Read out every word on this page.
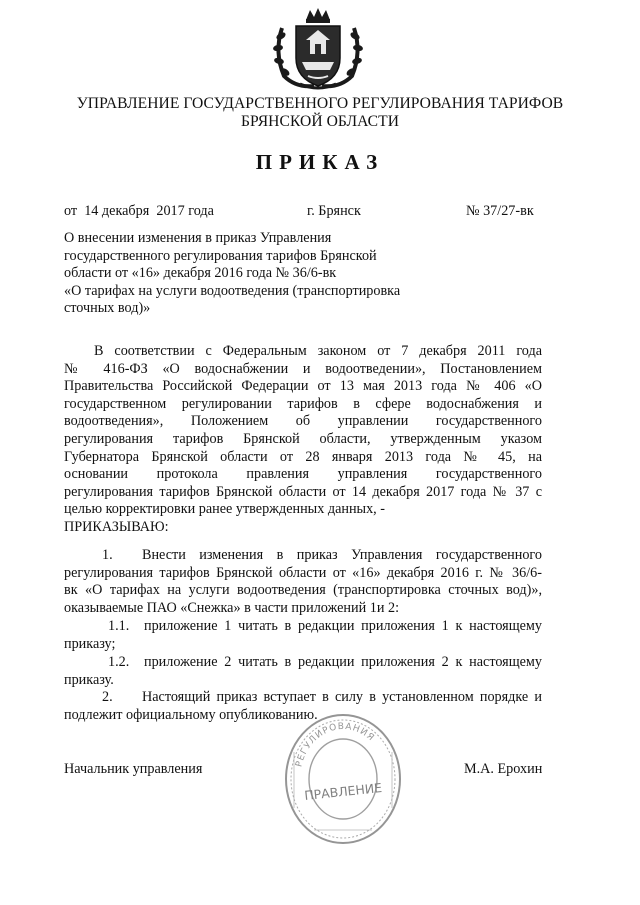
УПРАВЛЕНИЕ ГОСУДАРСТВЕННОГО РЕГУЛИРОВАНИЯ ТАРИФОВ
БРЯНСКОЙ ОБЛАСТИ
ПРИКАЗ
от  14 декабря  2017 года	г. Брянск	№ 37/27-вк
О внесении изменения в приказ Управления
государственного регулирования тарифов Брянской
области от «16» декабря 2016 года № 36/6-вк
«О тарифах на услуги водоотведения (транспортировка
сточных вод)»
В соответствии с Федеральным законом от 7 декабря 2011 года
№ 416-ФЗ «О водоснабжении и водоотведении», Постановлением
Правительства Российской Федерации от 13 мая 2013 года № 406 «О
государственном регулировании тарифов в сфере водоснабжения и
водоотведения», Положением об управлении государственного
регулирования тарифов Брянской области, утвержденным указом
Губернатора Брянской области от 28 января 2013 года № 45, на
основании протокола правления управления государственного
регулирования тарифов Брянской области от 14 декабря 2017 года № 37 с
целью корректировки ранее утвержденных данных, -
ПРИКАЗЫВАЮ:
1. Внести изменения в приказ Управления государственного
регулирования тарифов Брянской области от «16» декабря 2016 г. № 36/6-
вк «О тарифах на услуги водоотведения (транспортировка сточных вод)»,
оказываемые ПАО «Снежка» в части приложений 1и 2:
1.1. приложение 1 читать в редакции приложения 1 к настоящему
приказу;
1.2. приложение 2 читать в редакции приложения 2 к настоящему
приказу.
2. Настоящий приказ вступает в силу в установленном порядке и
подлежит официальному опубликованию.
Начальник управления	М.А. Ерохин
РЕГУЛИРОВАНИЯ
ПРАВЛЕНИЕ
